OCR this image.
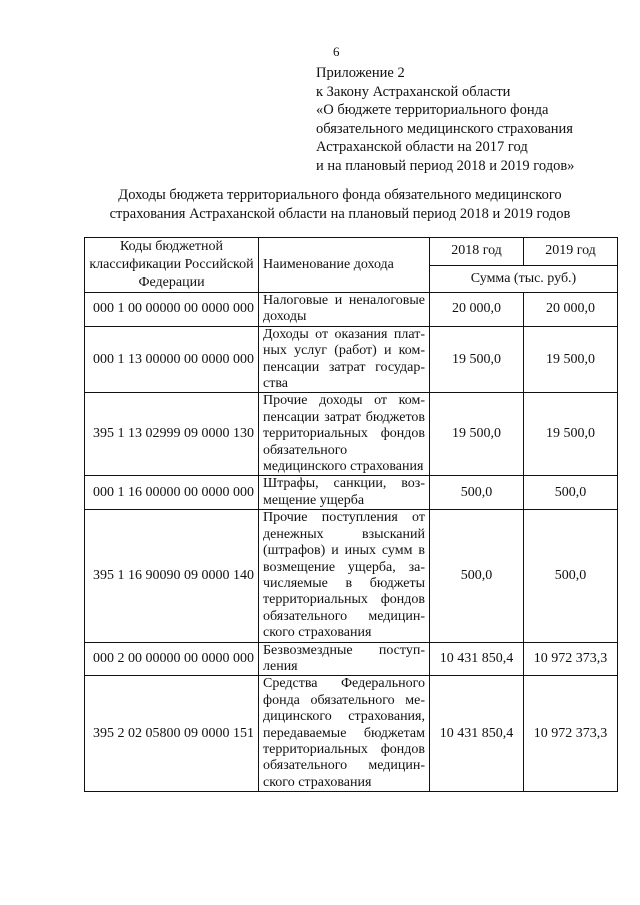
6
Приложение 2
к Закону Астраханской области
«О бюджете территориального фонда
обязательного медицинского страхования
Астраханской области на 2017 год
и на плановый период 2018 и 2019 годов»
Доходы бюджета территориального фонда обязательного медицинского
страхования Астраханской области на плановый период 2018 и 2019 годов
Коды бюджетной классификации Российской Федерации	Наименование дохода	2018 год	2019 год
		Сумма (тыс. руб.)	
000 1 00 00000 00 0000 000	Налоговые и неналоговые доходы	20 000,0	20 000,0
000 1 13 00000 00 0000 000	Доходы от оказания платных услуг (работ) и компенсации затрат государства	19 500,0	19 500,0
395 1 13 02999 09 0000 130	Прочие доходы от компенсации затрат бюджетов территориальных фондов обязательного медицинского страхования	19 500,0	19 500,0
000 1 16 00000 00 0000 000	Штрафы, санкции, возмещение ущерба	500,0	500,0
395 1 16 90090 09 0000 140	Прочие поступления от денежных взысканий (штрафов) и иных сумм в возмещение ущерба, зачисляемые в бюджеты территориальных фондов обязательного медицинского страхования	500,0	500,0
000 2 00 00000 00 0000 000	Безвозмездные поступления	10 431 850,4	10 972 373,3
395 2 02 05800 09 0000 151	Средства Федерального фонда обязательного медицинского страхования, передаваемые бюджетам территориальных фондов обязательного медицинского страхования	10 431 850,4	10 972 373,3
